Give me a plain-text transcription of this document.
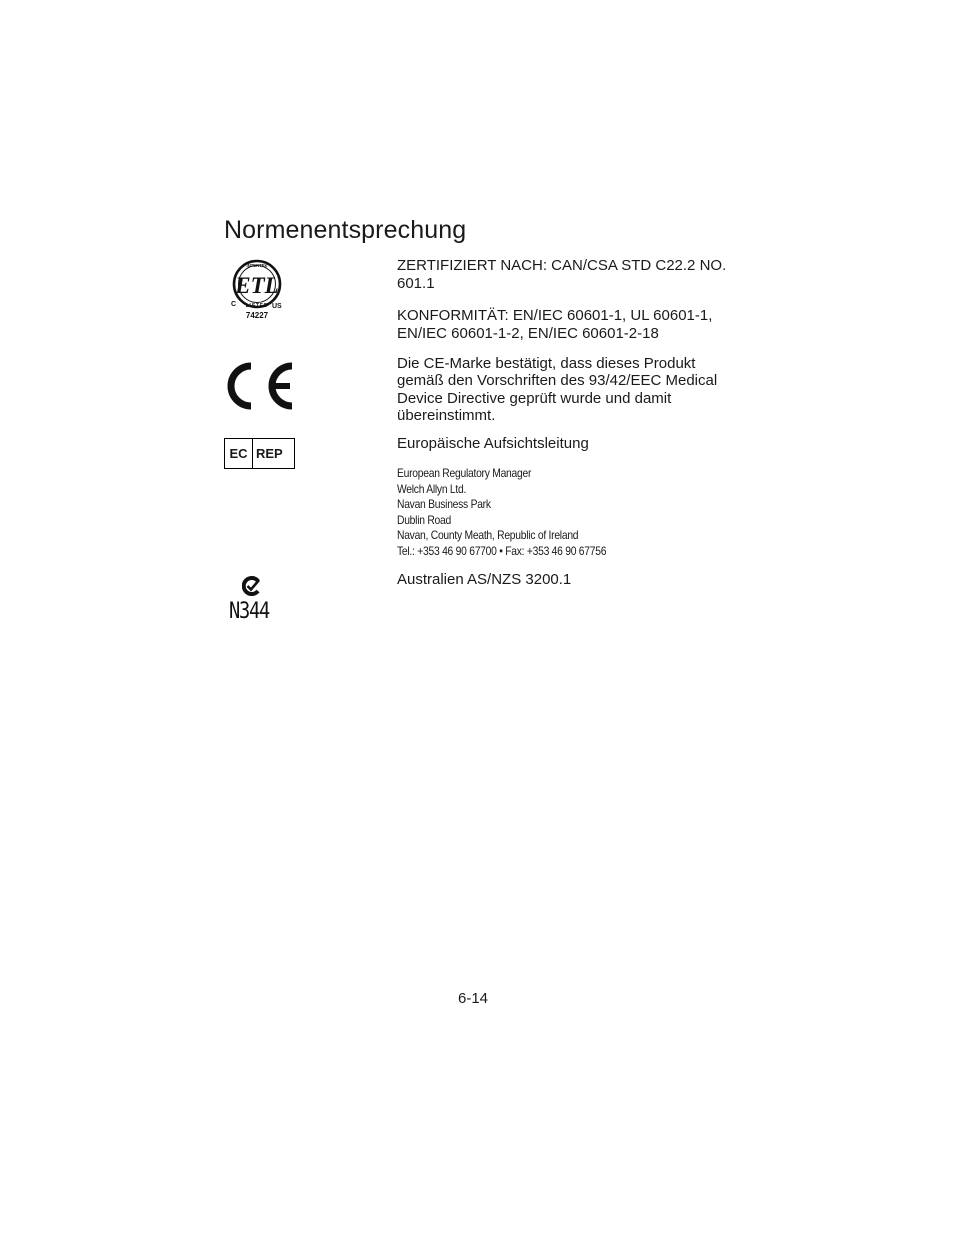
Normenentsprechung
INTERTEK
ETL
LISTED
C	US
74227

ZERTIFIZIERT NACH: CAN/CSA STD C22.2 NO. 601.1

KONFORMITÄT: EN/IEC 60601-1, UL 60601-1, EN/IEC 60601-1-2, EN/IEC 60601-2-18

Die CE-Marke bestätigt, dass dieses Produkt gemäß den Vorschriften des 93/42/EEC Medical Device Directive geprüft wurde und damit übereinstimmt.

EC REP

Europäische Aufsichtsleitung

European Regulatory Manager
Welch Allyn Ltd.
Navan Business Park
Dublin Road
Navan, County Meath, Republic of Ireland
Tel.: +353 46 90 67700 • Fax: +353 46 90 67756
N344

Australien AS/NZS 3200.1

6-14
